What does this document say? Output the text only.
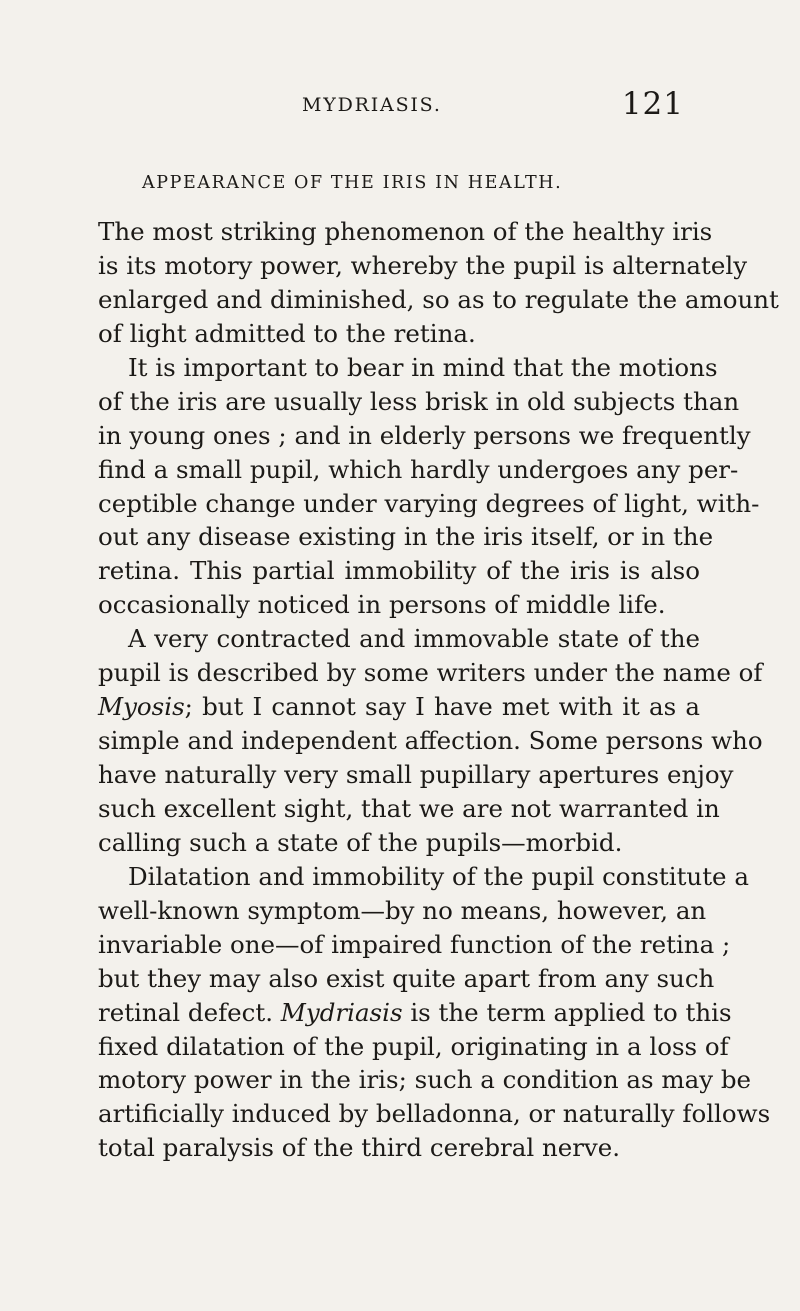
MYDRIASIS.	121
APPEARANCE OF THE IRIS IN HEALTH.
The most striking phenomenon of the healthy iris
is its motory power, whereby the pupil is alternately
enlarged and diminished, so as to regulate the amount
of light admitted to the retina.
It is important to bear in mind that the motions
of the iris are usually less brisk in old subjects than
in young ones ; and in elderly persons we frequently
find a small pupil, which hardly undergoes any per-
ceptible change under varying degrees of light, with-
out any disease existing in the iris itself, or in the
retina. This partial immobility of the iris is also
occasionally noticed in persons of middle life.
A very contracted and immovable state of the
pupil is described by some writers under the name of
Myosis; but I cannot say I have met with it as a
simple and independent affection. Some persons who
have naturally very small pupillary apertures enjoy
such excellent sight, that we are not warranted in
calling such a state of the pupils—morbid.
Dilatation and immobility of the pupil constitute a
well-known symptom—by no means, however, an
invariable one—of impaired function of the retina ;
but they may also exist quite apart from any such
retinal defect. Mydriasis is the term applied to this
fixed dilatation of the pupil, originating in a loss of
motory power in the iris; such a condition as may be
artificially induced by belladonna, or naturally follows
total paralysis of the third cerebral nerve.
